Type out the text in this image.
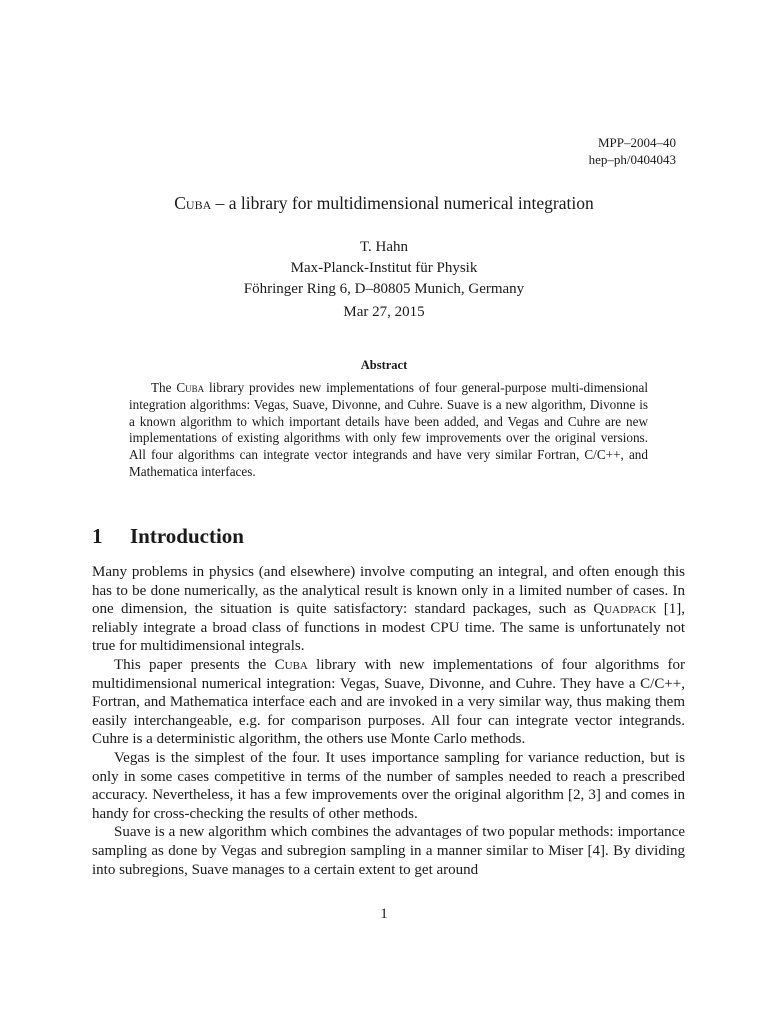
MPP–2004–40
hep–ph/0404043
Cuba – a library for multidimensional numerical integration
T. Hahn
Max-Planck-Institut für Physik
Föhringer Ring 6, D–80805 Munich, Germany
Mar 27, 2015
Abstract

The Cuba library provides new implementations of four general-purpose multi-dimensional integration algorithms: Vegas, Suave, Divonne, and Cuhre. Suave is a new algorithm, Divonne is a known algorithm to which important details have been added, and Vegas and Cuhre are new implementations of existing algorithms with only few improvements over the original versions. All four algorithms can integrate vector integrands and have very similar Fortran, C/C++, and Mathematica interfaces.

1 Introduction

Many problems in physics (and elsewhere) involve computing an integral, and often enough this has to be done numerically, as the analytical result is known only in a limited number of cases. In one dimension, the situation is quite satisfactory: standard packages, such as Quadpack [1], reliably integrate a broad class of functions in modest CPU time. The same is unfortunately not true for multidimensional integrals.

This paper presents the Cuba library with new implementations of four algorithms for multidimensional numerical integration: Vegas, Suave, Divonne, and Cuhre. They have a C/C++, Fortran, and Mathematica interface each and are invoked in a very similar way, thus making them easily interchangeable, e.g. for comparison purposes. All four can integrate vector integrands. Cuhre is a deterministic algorithm, the others use Monte Carlo methods.

Vegas is the simplest of the four. It uses importance sampling for variance reduction, but is only in some cases competitive in terms of the number of samples needed to reach a prescribed accuracy. Nevertheless, it has a few improvements over the original algorithm [2, 3] and comes in handy for cross-checking the results of other methods.

Suave is a new algorithm which combines the advantages of two popular methods: importance sampling as done by Vegas and subregion sampling in a manner similar to Miser [4]. By dividing into subregions, Suave manages to a certain extent to get around

1
